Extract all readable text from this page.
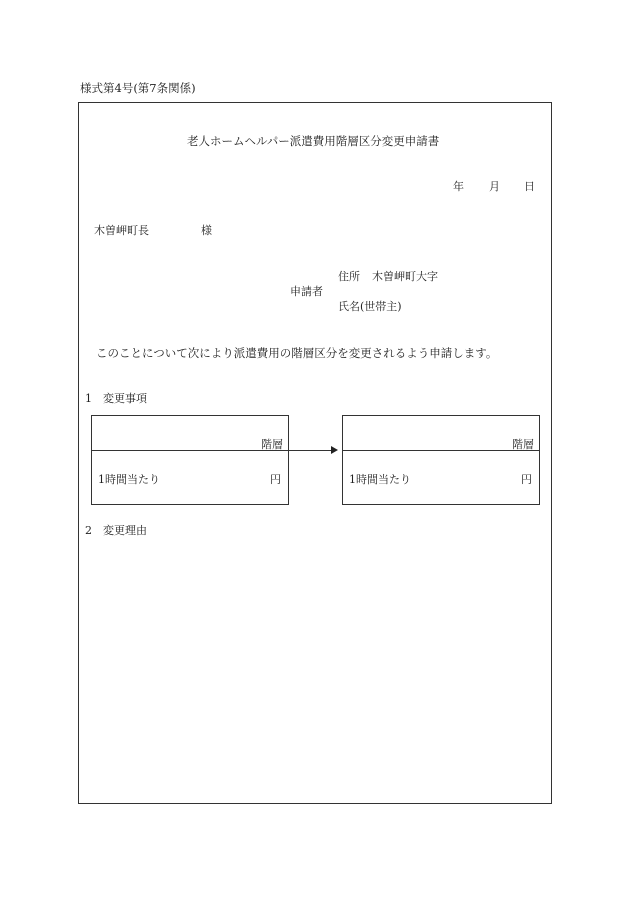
様式第4号(第7条関係)
老人ホームヘルパー派遣費用階層区分変更申請書
年 月 日
木曽岬町長	様
住所 木曽岬町大字
申請者
氏名(世帯主)
このことについて次により派遣費用の階層区分を変更されるよう申請します。
1　変更事項
階層
1時間当たり	円
階層
1時間当たり	円
2　変更理由
